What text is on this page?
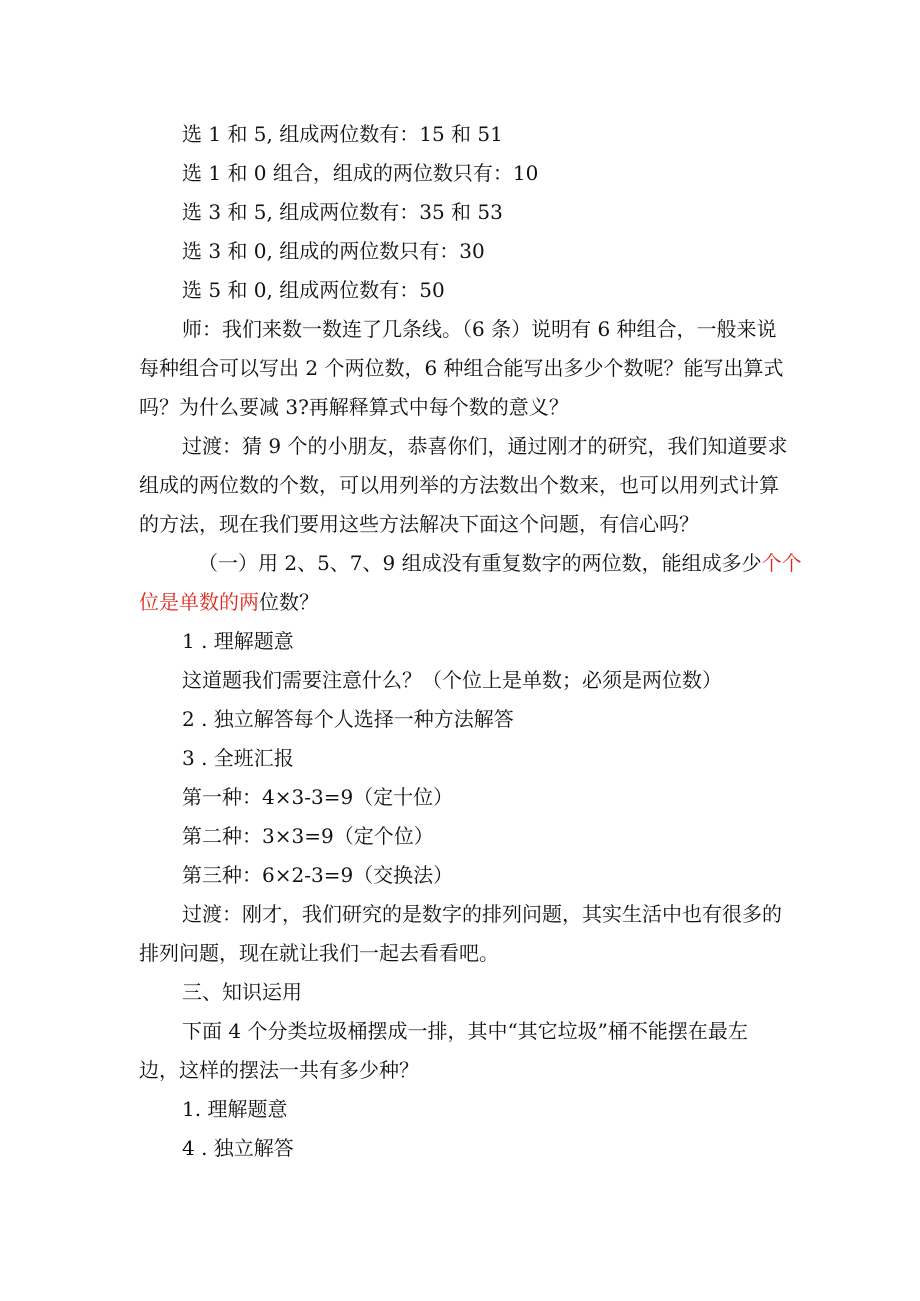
选 1 和 5, 组成两位数有：15 和 51
选 1 和 0 组合，组成的两位数只有：10
选 3 和 5, 组成两位数有：35 和 53
选 3 和 0, 组成的两位数只有：30
选 5 和 0, 组成两位数有：50
师：我们来数一数连了几条线。（6 条）说明有 6 种组合，一般来说
每种组合可以写出 2 个两位数，6 种组合能写出多少个数呢？能写出算式
吗？为什么要减 3?再解释算式中每个数的意义？
过渡：猜 9 个的小朋友，恭喜你们，通过刚才的研究，我们知道要求
组成的两位数的个数，可以用列举的方法数出个数来，也可以用列式计算
的方法，现在我们要用这些方法解决下面这个问题，有信心吗？
（一）用 2、5、7、9 组成没有重复数字的两位数，能组成多少个个
位是单数的两位数？
1 . 理解题意
这道题我们需要注意什么？（个位上是单数；必须是两位数）
2 . 独立解答每个人选择一种方法解答
3 . 全班汇报
第一种：4×3-3=9（定十位）
第二种：3×3=9（定个位）
第三种：6×2-3=9（交换法）
过渡：刚才，我们研究的是数字的排列问题，其实生活中也有很多的
排列问题，现在就让我们一起去看看吧。
三、知识运用
下面 4 个分类垃圾桶摆成一排，其中“其它垃圾”桶不能摆在最左
边，这样的摆法一共有多少种？
1. 理解题意
4 . 独立解答
